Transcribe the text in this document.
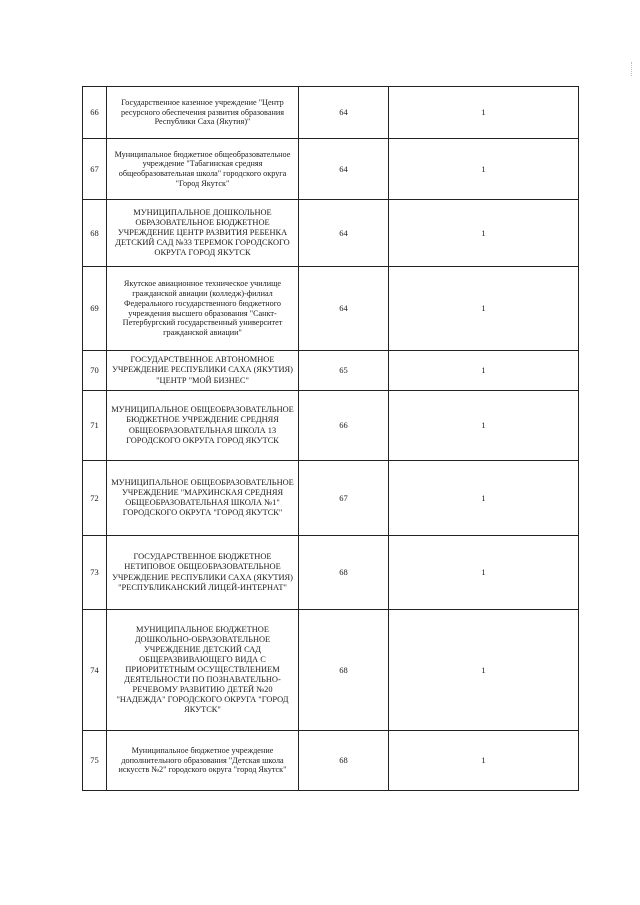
66	Государственное казенное учреждение "Центр ресурсного обеспечения развития образования Республики Саха (Якутия)"	64	1
67	Муниципальное бюджетное общеобразовательное учреждение "Табагинская средняя общеобразовательная школа" городского округа "Город Якутск"	64	1
68	МУНИЦИПАЛЬНОЕ ДОШКОЛЬНОЕ ОБРАЗОВАТЕЛЬНОЕ БЮДЖЕТНОЕ УЧРЕЖДЕНИЕ ЦЕНТР РАЗВИТИЯ РЕБЕНКА ДЕТСКИЙ САД №33 ТЕРЕМОК ГОРОДСКОГО ОКРУГА ГОРОД ЯКУТСК	64	1
69	Якутское авиационное техническое училище гражданской авиации (колледж)-филиал Федерального государственного бюджетного учреждения высшего образования "Санкт-Петербургский государственный университет гражданской авиации"	64	1
70	ГОСУДАРСТВЕННОЕ АВТОНОМНОЕ УЧРЕЖДЕНИЕ РЕСПУБЛИКИ САХА (ЯКУТИЯ) "ЦЕНТР "МОЙ БИЗНЕС"	65	1
71	МУНИЦИПАЛЬНОЕ ОБЩЕОБРАЗОВАТЕЛЬНОЕ БЮДЖЕТНОЕ УЧРЕЖДЕНИЕ СРЕДНЯЯ ОБЩЕОБРАЗОВАТЕЛЬНАЯ ШКОЛА 13 ГОРОДСКОГО ОКРУГА ГОРОД ЯКУТСК	66	1
72	МУНИЦИПАЛЬНОЕ ОБЩЕОБРАЗОВАТЕЛЬНОЕ УЧРЕЖДЕНИЕ "МАРХИНСКАЯ СРЕДНЯЯ ОБЩЕОБРАЗОВАТЕЛЬНАЯ ШКОЛА №1" ГОРОДСКОГО ОКРУГА "ГОРОД ЯКУТСК"	67	1
73	ГОСУДАРСТВЕННОЕ БЮДЖЕТНОЕ НЕТИПОВОЕ ОБЩЕОБРАЗОВАТЕЛЬНОЕ УЧРЕЖДЕНИЕ РЕСПУБЛИКИ САХА (ЯКУТИЯ) "РЕСПУБЛИКАНСКИЙ ЛИЦЕЙ-ИНТЕРНАТ"	68	1
74	МУНИЦИПАЛЬНОЕ БЮДЖЕТНОЕ ДОШКОЛЬНО-ОБРАЗОВАТЕЛЬНОЕ УЧРЕЖДЕНИЕ ДЕТСКИЙ САД ОБЩЕРАЗВИВАЮЩЕГО ВИДА С ПРИОРИТЕТНЫМ ОСУЩЕСТВЛЕНИЕМ ДЕЯТЕЛЬНОСТИ ПО ПОЗНАВАТЕЛЬНО-РЕЧЕВОМУ РАЗВИТИЮ ДЕТЕЙ №20 "НАДЕЖДА" ГОРОДСКОГО ОКРУГА "ГОРОД ЯКУТСК"	68	1
75	Муниципальное бюджетное учреждение дополнительного образования "Детская школа искусств №2" городского округа "город Якутск"	68	1
